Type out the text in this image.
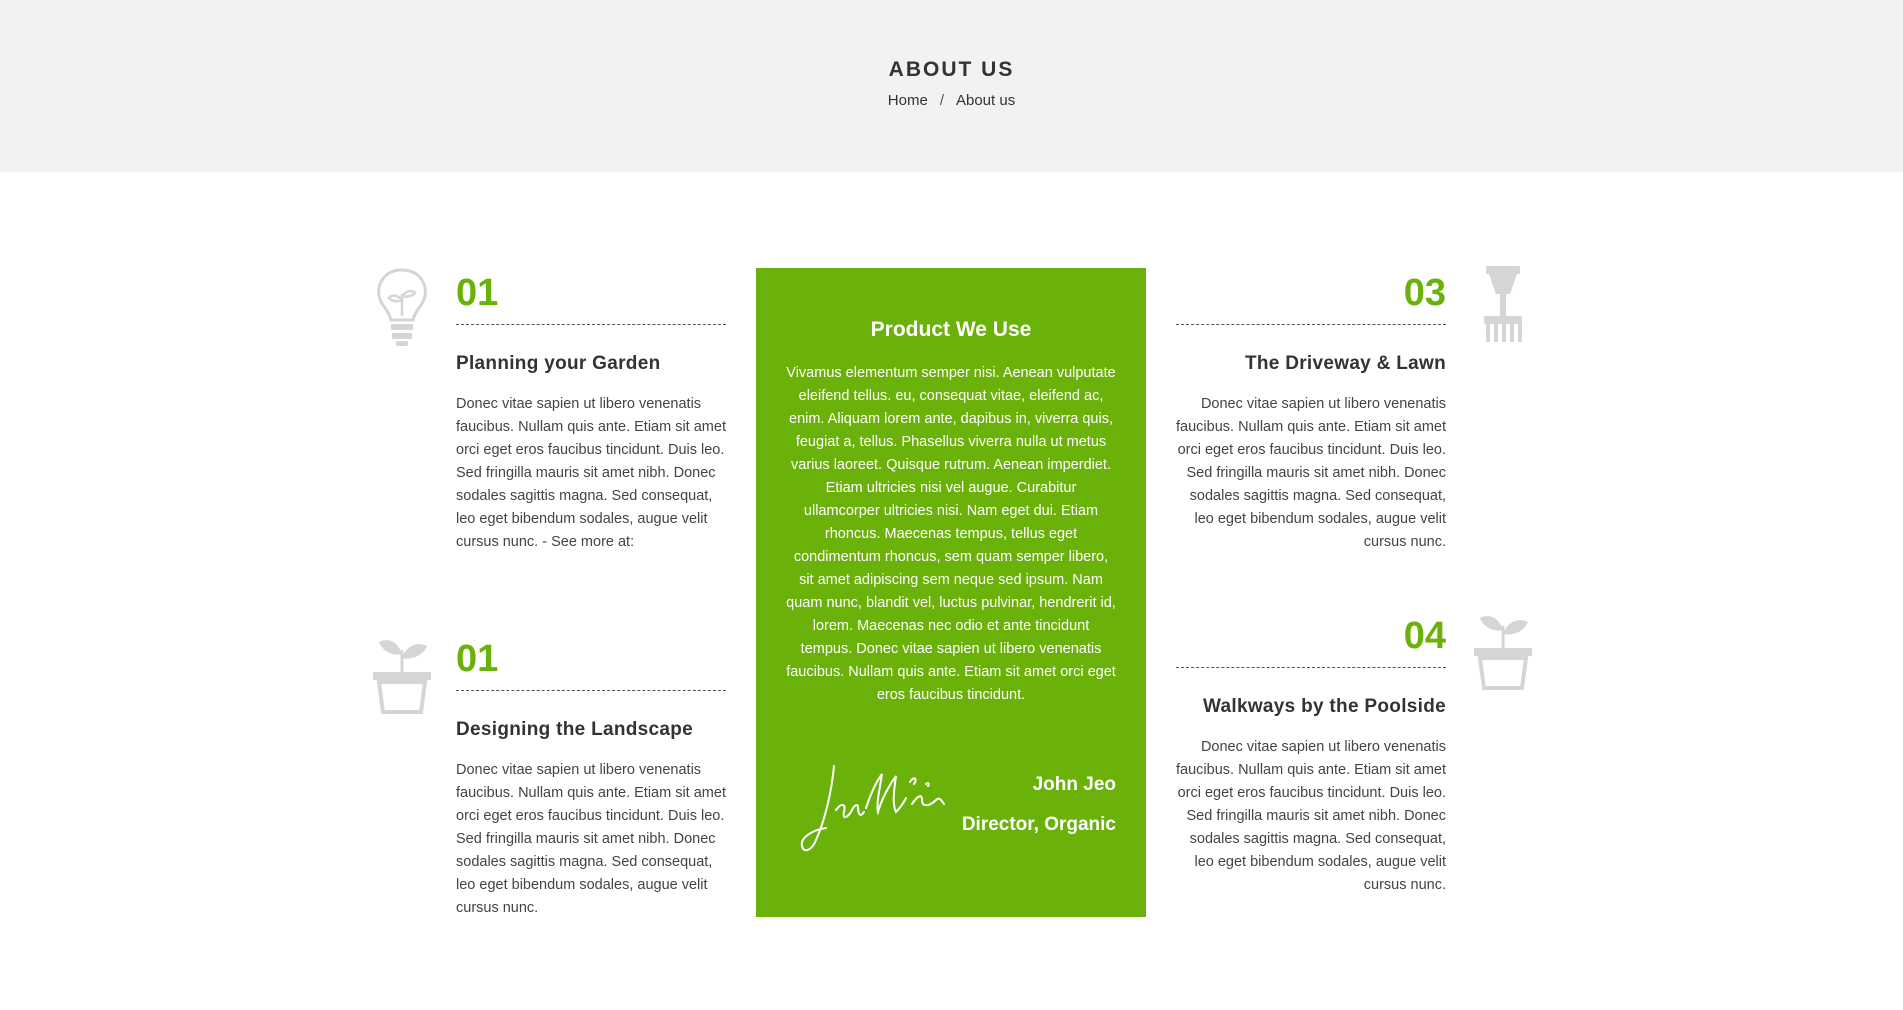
ABOUT US
Home / About us
01
Planning your Garden
Donec vitae sapien ut libero venenatis faucibus. Nullam quis ante. Etiam sit amet orci eget eros faucibus tincidunt. Duis leo. Sed fringilla mauris sit amet nibh. Donec sodales sagittis magna. Sed consequat, leo eget bibendum sodales, augue velit cursus nunc. - See more at:
01
Designing the Landscape
Donec vitae sapien ut libero venenatis faucibus. Nullam quis ante. Etiam sit amet orci eget eros faucibus tincidunt. Duis leo. Sed fringilla mauris sit amet nibh. Donec sodales sagittis magna. Sed consequat, leo eget bibendum sodales, augue velit cursus nunc.
Product We Use
Vivamus elementum semper nisi. Aenean vulputate eleifend tellus. eu, consequat vitae, eleifend ac, enim. Aliquam lorem ante, dapibus in, viverra quis, feugiat a, tellus. Phasellus viverra nulla ut metus varius laoreet. Quisque rutrum. Aenean imperdiet. Etiam ultricies nisi vel augue. Curabitur ullamcorper ultricies nisi. Nam eget dui. Etiam rhoncus. Maecenas tempus, tellus eget condimentum rhoncus, sem quam semper libero, sit amet adipiscing sem neque sed ipsum. Nam quam nunc, blandit vel, luctus pulvinar, hendrerit id, lorem. Maecenas nec odio et ante tincidunt tempus. Donec vitae sapien ut libero venenatis faucibus. Nullam quis ante. Etiam sit amet orci eget eros faucibus tincidunt.
John Jeo
Director, Organic
03
The Driveway & Lawn
Donec vitae sapien ut libero venenatis faucibus. Nullam quis ante. Etiam sit amet orci eget eros faucibus tincidunt. Duis leo. Sed fringilla mauris sit amet nibh. Donec sodales sagittis magna. Sed consequat, leo eget bibendum sodales, augue velit cursus nunc.
04
Walkways by the Poolside
Donec vitae sapien ut libero venenatis faucibus. Nullam quis ante. Etiam sit amet orci eget eros faucibus tincidunt. Duis leo. Sed fringilla mauris sit amet nibh. Donec sodales sagittis magna. Sed consequat, leo eget bibendum sodales, augue velit cursus nunc.
